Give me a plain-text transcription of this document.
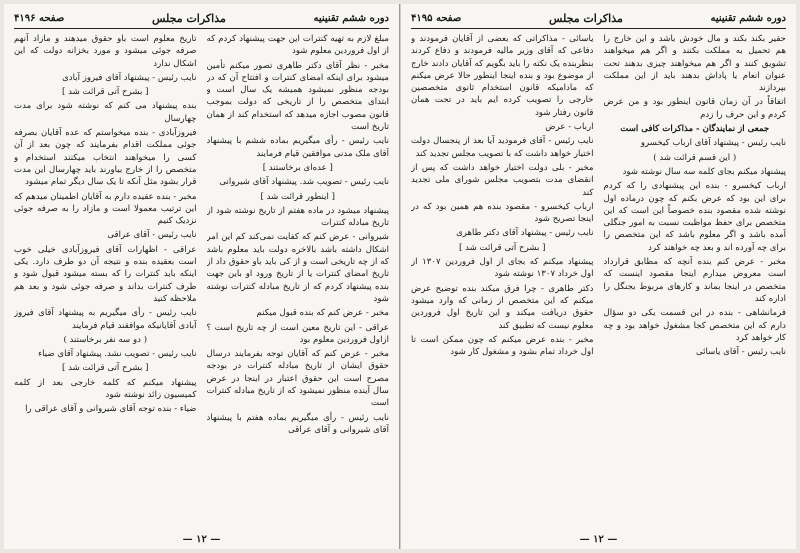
دوره ششم تقنینیه
مذاکرات مجلس
صفحه ۴۱۹۶

مبلغ لازم به تهیه کنترات این جهت پیشنهاد کردم که از اول فروردین معلوم شود

مخبر - نظر آقای دکتر طاهری تصور میکنم تأمین میشود برای اینکه امضای کنترات و افتتاح آن که در بودجه منظور نمیشود همیشه یک سال است و ابتدای متخصص را از تاریخی که دولت بموجب قانون مصوب اجازه میدهد که استخدام کند از همان تاریخ است

نایب رئیس - رأی میگیریم بماده ششم با پیشنهاد آقای ملک مدنی موافقین قیام فرمایند

[ عده‌ای برخاستند ]

نایب رئیس - تصویب شد. پیشنهاد آقای شیروانی

[ اینطور قرائت شد ]

پیشنهاد میشود در ماده هفتم از تاریخ نوشته شود از تاریخ مبادله کنترات

شیروانی - عرض کنم که کفایت نمی‌کند کم این امر اشکال داشته باشد بالاخره دولت باید معلوم باشد که از چه تاریخی است و از کی باید باو حقوق داد از تاریخ امضای کنترات یا از تاریخ ورود او باین جهت بنده پیشنهاد کردم که از تاریخ مبادله کنترات نوشته شود

مخبر - عرض کنم که بنده قبول میکنم

عراقی - این تاریخ معین است از چه تاریخ است ؟ ازاول فروردین معلوم بود

مخبر - عرض کنم که آقایان توجه بفرمایند درسال حقوق ایشان از تاریخ مبادله کنترات در بودجه مصرح است این حقوق اعتبار در اینجا در عرض سال آینده منظور نمیشود که از تاریخ مبادله کنترات است

نایب رئیس - رأی میگیریم بماده هفتم با پیشنهاد آقای شیروانی و آقای عراقی

تاریخ معلوم است باو حقوق میدهند و مازاد آنهم صرفه جوئی میشود و مورد بخزانه دولت که این اشکال ندارد

نایب رئیس - پیشنهاد آقای فیروز آبادی

[ بشرح آتی قرائت شد ]

بنده پیشنهاد می کنم که نوشته شود برای مدت چهارسال

فیروزآبادی - بنده میخواستم که عده آقایان بصرفه جوئی مملکت اقدام بفرمایند که چون بعد از آن کسی را میخواهند انتخاب میکنند استخدام و متخصص را از خارج بیاورند باید چهارسال این مدت قرار بشود مثل آنکه تا یک سال دیگر تمام میشود

مخبر - بنده عقیده دارم به آقایان اطمینان میدهم که این ترتیب معمولا است و مازاد را به صرفه جوئی نزدیک کنیم

نایب رئیس - آقای عراقی

عراقی - اظهارات آقای فیروزآبادی خیلی خوب است بعقیده بنده و نتیجه آن دو طرف دارد. یکی اینکه باید کنترات را که بسته میشود قبول شود و طرف کنترات بداند و صرفه جوئی شود و بعد هم ملاحظه کنید

نایب رئیس - رأی میگیریم به پیشنهاد آقای فیروز آبادی آقایانیکه موافقند قیام فرمایند

( دو سه نفر برخاستند )

نایب رئیس - تصویب نشد. پیشنهاد آقای ضیاء

[ بشرح آتی قرائت شد ]

پیشنهاد میکنم که کلمه خارجی بعد از کلمه کمیسیون زائد نوشته شود

ضیاء - بنده توجه آقای شیروانی و آقای عراقی را

— ۱۲ —
دوره ششم تقنینیه
مذاکرات مجلس
صفحه ۴۱۹۵

حقیر بکند بکند و مال خودش باشد و این خارج را هم تحمیل به مملکت بکنند و اگر هم میخواهند تشویق کنند و اگر هم میخواهند چیزی بدهند تحت عنوان انعام یا پاداش بدهند باید از این مملکت بپردازند

اتفاقاً در آن زمان قانون اینطور بود و من عرض کردم و این حرف را زدم

جمعی از نمایندگان - مذاکرات کافی است

نایب رئیس - پیشنهاد آقای ارباب کیخسرو

( این قسم قرائت شد )

پیشنهاد میکنم بجای کلمه سه سال نوشته شود

ارباب کیخسرو - بنده این پیشنهادی را که کردم برای این بود که عرض بکنم که چون درماده اول نوشته شده مقصود بنده خصوصاً این است که این متخصص برای حفظ مواظبت نسبت به امور جنگلی آمده باشد و اگر معلوم باشد که این متخصص را برای چه آورده اند و بعد چه خواهند کرد

مخبر - عرض کنم بنده آنچه که مطابق قرارداد است معروض میدارم اینجا مقصود اینست که متخصص در اینجا بماند و کارهای مربوط بجنگل را اداره کند

فرمانشاهی - بنده در این قسمت یکی دو سؤال دارم که این متخصص کجا مشغول خواهد بود و چه کار خواهد کرد

نایب رئیس - آقای یاسائی

یاسائی - مذاکراتی که بعضی از آقایان فرمودند و دفاعی که آقای وزیر مالیه فرمودند و دفاع کردند بنظربنده یک نکته را باید بگویم که آقایان دادند خارج از موضوع بود و بنده اینجا اینطور حالا عرض میکنم که مادامیکه قانون استخدام ثانوی متخصصین خارجی را تصویب کرده ایم باید در تحت همان قانون رفتار شود

ارباب - عرض

نایب رئیس - آقای فرمودید آیا بعد از پنجسال دولت اختیار خواهد داشت که با تصویب مجلس تجدید کند

مخبر - بلی دولت اختیار خواهد داشت که پس از انقضای مدت بتصویب مجلس شورای ملی تجدید کند

ارباب کیخسرو - مقصود بنده هم همین بود که در اینجا تصریح شود

نایب رئیس - پیشنهاد آقای دکتر طاهری

[ بشرح آتی قرائت شد ]

پیشنهاد میکنم که بجای از اول فروردین ۱۳۰۷ از اول خرداد ۱۳۰۷ نوشته شود

دکتر طاهری - چرا فرق میکند بنده توضیح عرض میکنم که این متخصص از زمانی که وارد میشود حقوق دریافت میکند و این تاریخ اول فروردین معلوم نیست که تطبیق کند

مخبر - بنده عرض میکنم که چون ممکن است تا اول خرداد تمام بشود و مشغول کار شود

— ۱۲ —
